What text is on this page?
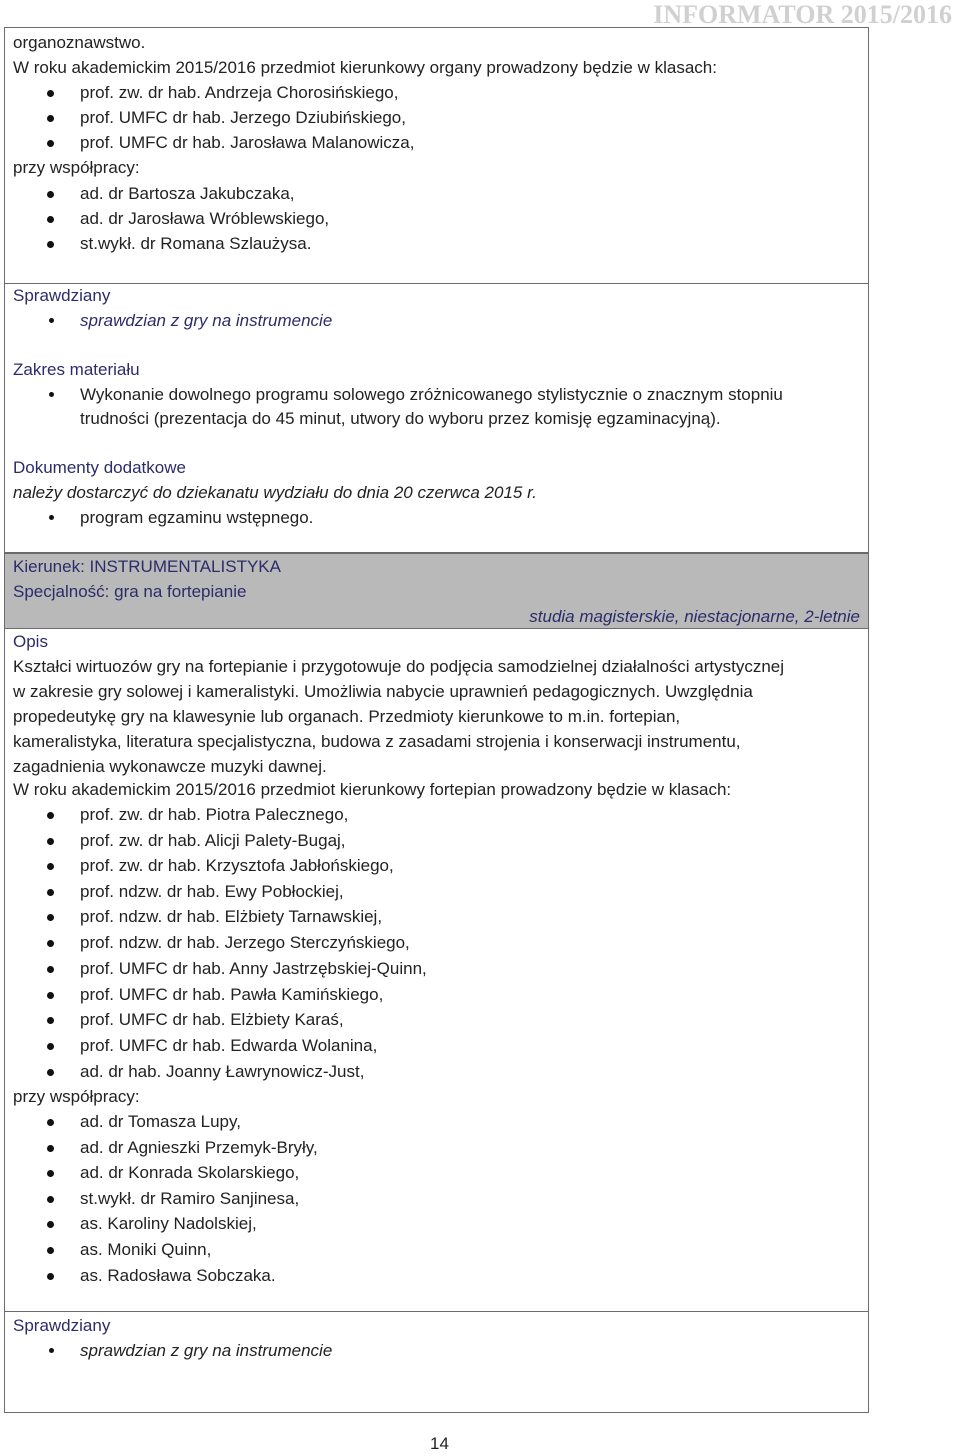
INFORMATOR 2015/2016
organoznawstwo.
W roku akademickim 2015/2016 przedmiot kierunkowy organy prowadzony będzie w klasach:
prof. zw. dr hab. Andrzeja Chorosińskiego,
prof. UMFC dr hab. Jerzego Dziubińskiego,
prof. UMFC dr hab. Jarosława Malanowicza,
przy współpracy:
ad. dr Bartosza Jakubczaka,
ad. dr Jarosława Wróblewskiego,
st.wykł. dr Romana Szlaużysa.
Sprawdziany
sprawdzian z gry na instrumencie
Zakres materiału
Wykonanie dowolnego programu solowego zróżnicowanego stylistycznie o znacznym stopniu
trudności (prezentacja do 45 minut, utwory do wyboru przez komisję egzaminacyjną).
Dokumenty dodatkowe
należy dostarczyć do dziekanatu wydziału do dnia 20 czerwca 2015 r.
program egzaminu wstępnego.
Kierunek: INSTRUMENTALISTYKA
Specjalność: gra na fortepianie
studia magisterskie, niestacjonarne, 2-letnie
Opis
Kształci wirtuozów gry na fortepianie i przygotowuje do podjęcia samodzielnej działalności artystycznej
w zakresie gry solowej i kameralistyki. Umożliwia nabycie uprawnień pedagogicznych. Uwzględnia
propedeutykę gry na klawesynie lub organach. Przedmioty kierunkowe to m.in. fortepian,
kameralistyka, literatura specjalistyczna, budowa z zasadami strojenia i konserwacji instrumentu,
zagadnienia wykonawcze muzyki dawnej.
W roku akademickim 2015/2016 przedmiot kierunkowy fortepian prowadzony będzie w klasach:
prof. zw. dr hab. Piotra Palecznego,
prof. zw. dr hab. Alicji Palety-Bugaj,
prof. zw. dr hab. Krzysztofa Jabłońskiego,
prof. ndzw. dr hab. Ewy Pobłockiej,
prof. ndzw. dr hab. Elżbiety Tarnawskiej,
prof. ndzw. dr hab. Jerzego Sterczyńskiego,
prof. UMFC dr hab. Anny Jastrzębskiej-Quinn,
prof. UMFC dr hab. Pawła Kamińskiego,
prof. UMFC dr hab. Elżbiety Karaś,
prof. UMFC dr hab. Edwarda Wolanina,
ad. dr hab. Joanny Ławrynowicz-Just,
przy współpracy:
ad. dr Tomasza Lupy,
ad. dr Agnieszki Przemyk-Bryły,
ad. dr Konrada Skolarskiego,
st.wykł. dr Ramiro Sanjinesa,
as. Karoliny Nadolskiej,
as. Moniki Quinn,
as. Radosława Sobczaka.
Sprawdziany
sprawdzian z gry na instrumencie
14
